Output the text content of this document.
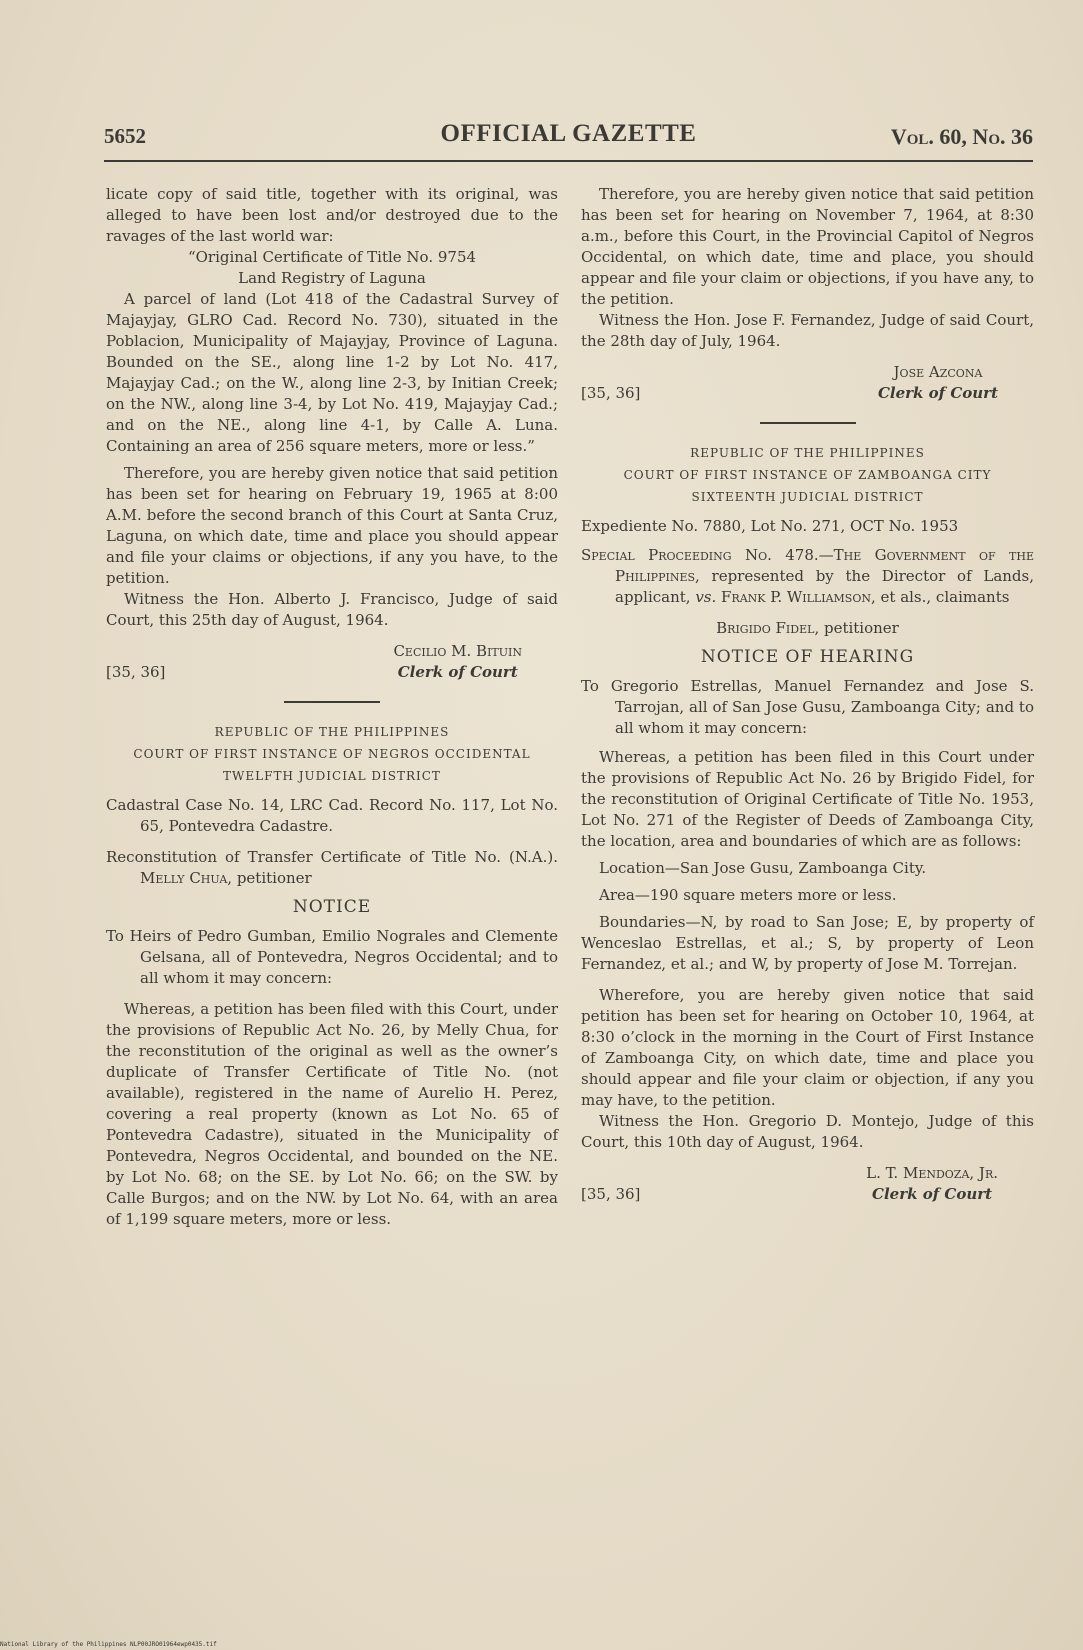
5652	OFFICIAL GAZETTE	Vol. 60, No. 36

licate copy of said title, together with its original, was alleged to have been lost and/or destroyed due to the ravages of the last world war:

“Original Certificate of Title No. 9754

Land Registry of Laguna

A parcel of land (Lot 418 of the Cadastral Survey of Majayjay, GLRO Cad. Record No. 730), situated in the Poblacion, Municipality of Majayjay, Province of Laguna. Bounded on the SE., along line 1-2 by Lot No. 417, Majayjay Cad.; on the W., along line 2-3, by Initian Creek; on the NW., along line 3-4, by Lot No. 419, Majayjay Cad.; and on the NE., along line 4-1, by Calle A. Luna. Containing an area of 256 square meters, more or less.”

Therefore, you are hereby given notice that said petition has been set for hearing on February 19, 1965 at 8:00 A.M. before the second branch of this Court at Santa Cruz, Laguna, on which date, time and place you should appear and file your claims or objections, if any you have, to the petition.

Witness the Hon. Alberto J. Francisco, Judge of said Court, this 25th day of August, 1964.

[35, 36]
Cecilio M. Bituin
Clerk of Court
REPUBLIC OF THE PHILIPPINES
COURT OF FIRST INSTANCE OF NEGROS OCCIDENTAL
TWELFTH JUDICIAL DISTRICT

Cadastral Case No. 14, LRC Cad. Record No. 117, Lot No. 65, Pontevedra Cadastre.

Reconstitution of Transfer Certificate of Title No. (N.A.). Melly Chua, petitioner

NOTICE

To Heirs of Pedro Gumban, Emilio Nograles and Clemente Gelsana, all of Pontevedra, Negros Occidental; and to all whom it may concern:

Whereas, a petition has been filed with this Court, under the provisions of Republic Act No. 26, by Melly Chua, for the reconstitution of the original as well as the owner’s duplicate of Transfer Certificate of Title No. (not available), registered in the name of Aurelio H. Perez, covering a real property (known as Lot No. 65 of Pontevedra Cadastre), situated in the Municipality of Pontevedra, Negros Occidental, and bounded on the NE. by Lot No. 68; on the SE. by Lot No. 66; on the SW. by Calle Burgos; and on the NW. by Lot No. 64, with an area of 1,199 square meters, more or less.

Therefore, you are hereby given notice that said petition has been set for hearing on November 7, 1964, at 8:30 a.m., before this Court, in the Provincial Capitol of Negros Occidental, on which date, time and place, you should appear and file your claim or objections, if you have any, to the petition.

Witness the Hon. Jose F. Fernandez, Judge of said Court, the 28th day of July, 1964.

[35, 36]
Jose Azcona
Clerk of Court
REPUBLIC OF THE PHILIPPINES
COURT OF FIRST INSTANCE OF ZAMBOANGA CITY
SIXTEENTH JUDICIAL DISTRICT

Expediente No. 7880, Lot No. 271, OCT No. 1953

Special Proceeding No. 478.—The Government of the Philippines, represented by the Director of Lands, applicant, vs. Frank P. Williamson, et als., claimants

Brigido Fidel, petitioner

NOTICE OF HEARING

To Gregorio Estrellas, Manuel Fernandez and Jose S. Tarrojan, all of San Jose Gusu, Zamboanga City; and to all whom it may concern:

Whereas, a petition has been filed in this Court under the provisions of Republic Act No. 26 by Brigido Fidel, for the reconstitution of Original Certificate of Title No. 1953, Lot No. 271 of the Register of Deeds of Zamboanga City, the location, area and boundaries of which are as follows:

Location—San Jose Gusu, Zamboanga City.

Area—190 square meters more or less.

Boundaries—N, by road to San Jose; E, by property of Wenceslao Estrellas, et al.; S, by property of Leon Fernandez, et al.; and W, by property of Jose M. Torrejan.

Wherefore, you are hereby given notice that said petition has been set for hearing on October 10, 1964, at 8:30 o’clock in the morning in the Court of First Instance of Zamboanga City, on which date, time and place you should appear and file your claim or objection, if any you may have, to the petition.

Witness the Hon. Gregorio D. Montejo, Judge of this Court, this 10th day of August, 1964.

[35, 36]
L. T. Mendoza, Jr.
Clerk of Court
National Library of the Philippines NLP00JRO01964ewp0435.tif
